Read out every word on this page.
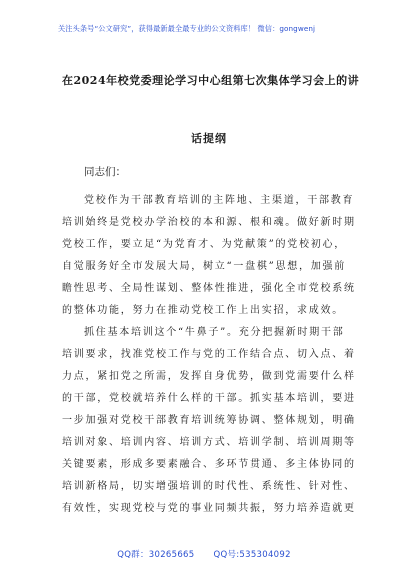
关注头条号“公文研究”，获得最新最全最专业的公文资料库！ 微信：gongwenj
在2024年校党委理论学习中心组第七次集体学习会上的讲
话提纲
同志们：
党校作为干部教育培训的主阵地、主渠道，干部教育
培训始终是党校办学治校的本和源、根和魂。做好新时期
党校工作，要立足“为党育才、为党献策”的党校初心，
自觉服务好全市发展大局，树立“一盘棋”思想，加强前
瞻性思考、全局性谋划、整体性推进，强化全市党校系统
的整体功能，努力在推动党校工作上出实招，求成效。
抓住基本培训这个“牛鼻子”。充分把握新时期干部
培训要求，找准党校工作与党的工作结合点、切入点、着
力点，紧扣党之所需，发挥自身优势，做到党需要什么样
的干部，党校就培养什么样的干部。抓实基本培训，要进
一步加强对党校干部教育培训统筹协调、整体规划，明确
培训对象、培训内容、培训方式、培训学制、培训周期等
关键要素，形成多要素融合、多环节贯通、多主体协同的
培训新格局，切实增强培训的时代性、系统性、针对性、
有效性，实现党校与党的事业同频共振，努力培养造就更
QQ群：30265665 QQ号:535304092
